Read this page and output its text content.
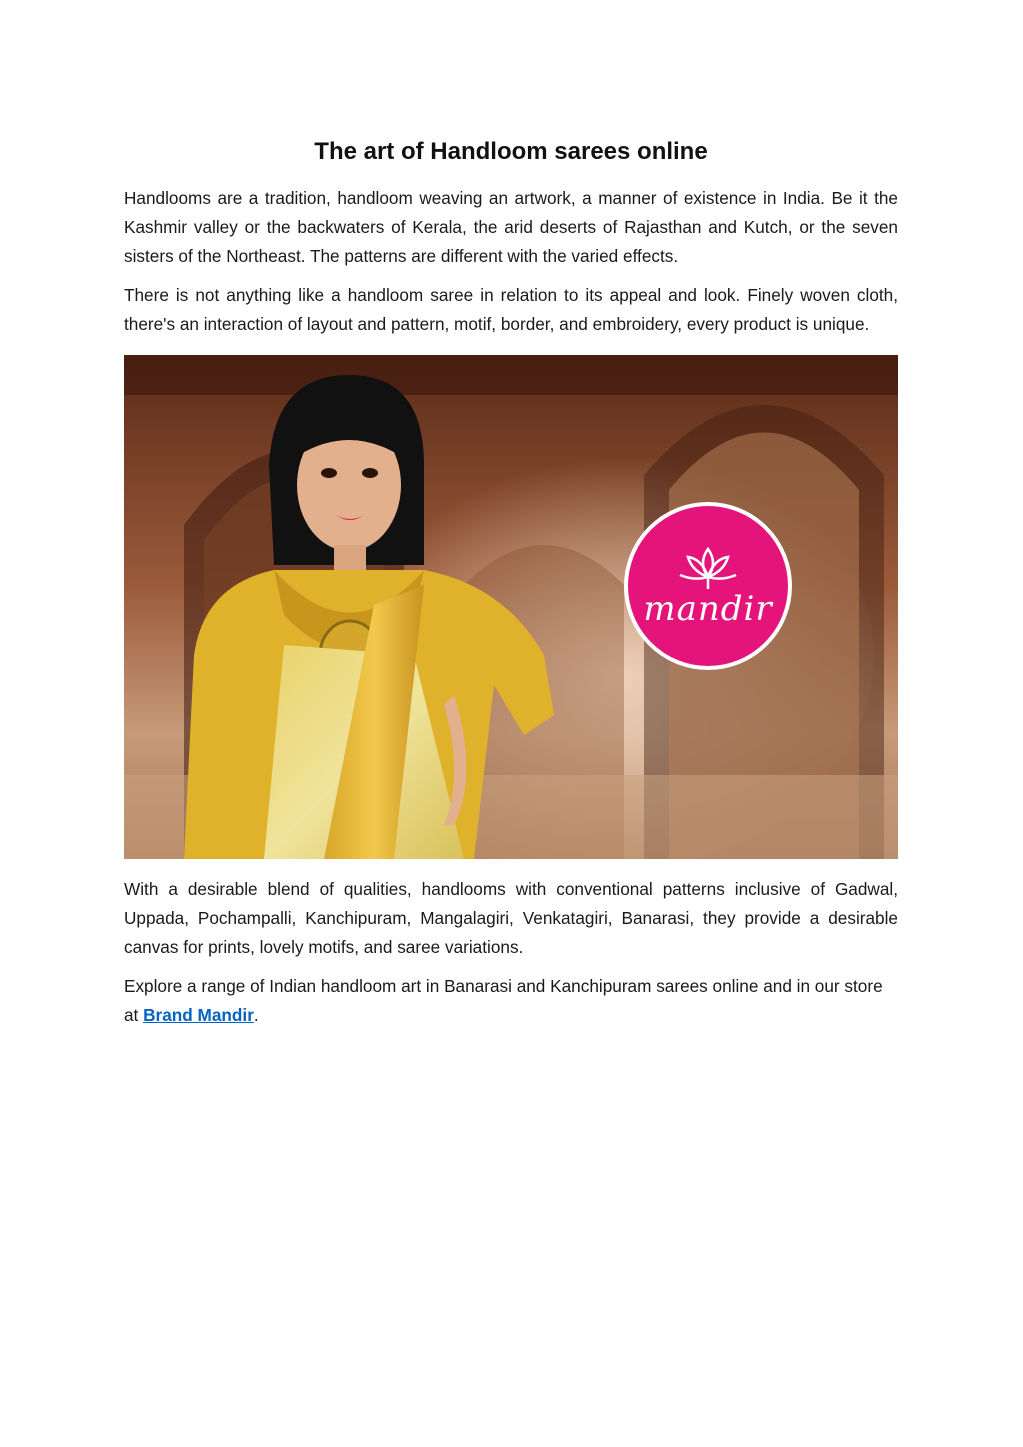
The art of Handloom sarees online

Handlooms are a tradition, handloom weaving an artwork, a manner of existence in India. Be it the Kashmir valley or the backwaters of Kerala, the arid deserts of Rajasthan and Kutch, or the seven sisters of the Northeast. The patterns are different with the varied effects.

There is not anything like a handloom saree in relation to its appeal and look. Finely woven cloth, there's an interaction of layout and pattern, motif, border, and embroidery, every product is unique.

mandir

With a desirable blend of qualities, handlooms with conventional patterns inclusive of Gadwal, Uppada, Pochampalli, Kanchipuram, Mangalagiri, Venkatagiri, Banarasi, they provide a desirable canvas for prints, lovely motifs, and saree variations.

Explore a range of Indian handloom art in Banarasi and Kanchipuram sarees online and in our store at Brand Mandir.
